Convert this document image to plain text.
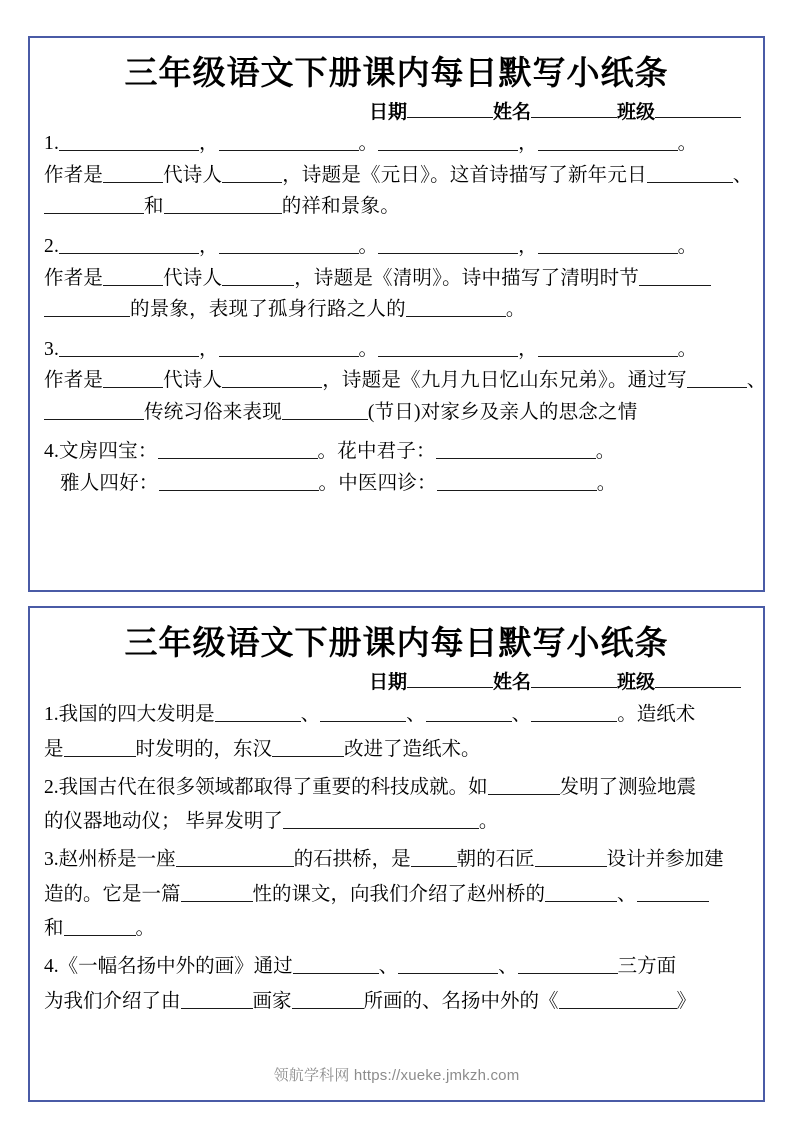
三年级语文下册课内每日默写小纸条
日期	姓名	班级
1.	，	。	，	。
作者是	代诗人	，诗题是《元日》。这首诗描写了新年元日	、
和	的祥和景象。
2.	，	。	，	。
作者是	代诗人	，诗题是《清明》。诗中描写了清明时节
的景象，表现了孤身行路之人的	。
3.	，	。	，	。
作者是	代诗人	，诗题是《九月九日忆山东兄弟》。通过写	、
传统习俗来表现	(节日)对家乡及亲人的思念之情
4.文房四宝：	。花中君子：	。
雅人四好：	。中医四诊：	。
三年级语文下册课内每日默写小纸条
日期	姓名	班级
1.我国的四大发明是	、	、	、	。造纸术
是	时发明的，东汉	改进了造纸术。
2.我国古代在很多领域都取得了重要的科技成就。如	发明了测验地震
的仪器地动仪； 毕昇发明了	。
3.赵州桥是一座	的石拱桥，是 朝的石匠	设计并参加建
造的。它是一篇	性的课文，向我们介绍了赵州桥的	、
和	。
4.《一幅名扬中外的画》通过	、	、	三方面
为我们介绍了由	画家	所画的、名扬中外的《	》
领航学科网 https://xueke.jmkzh.com
